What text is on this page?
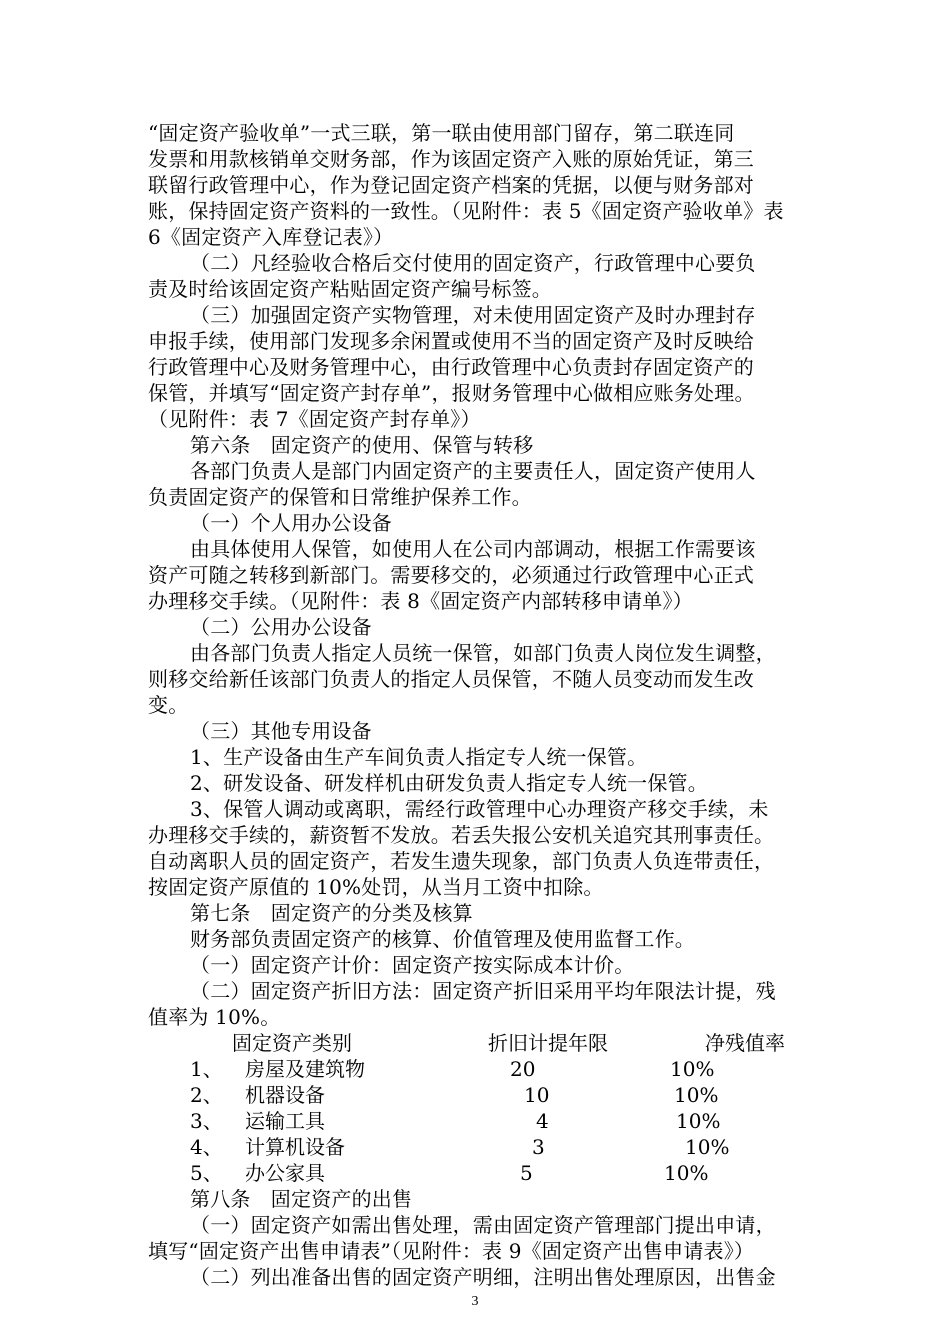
“固定资产验收单”一式三联，第一联由使用部门留存，第二联连同
发票和用款核销单交财务部，作为该固定资产入账的原始凭证，第三
联留行政管理中心，作为登记固定资产档案的凭据，以便与财务部对
账，保持固定资产资料的一致性。（见附件：表 5《固定资产验收单》表
6《固定资产入库登记表》）
（二）凡经验收合格后交付使用的固定资产，行政管理中心要负
责及时给该固定资产粘贴固定资产编号标签。
（三）加强固定资产实物管理，对未使用固定资产及时办理封存
申报手续，使用部门发现多余闲置或使用不当的固定资产及时反映给
行政管理中心及财务管理中心，由行政管理中心负责封存固定资产的
保管，并填写“固定资产封存单”，报财务管理中心做相应账务处理。
（见附件：表 7《固定资产封存单》）
第六条　固定资产的使用、保管与转移
各部门负责人是部门内固定资产的主要责任人，固定资产使用人
负责固定资产的保管和日常维护保养工作。
（一）个人用办公设备
由具体使用人保管，如使用人在公司内部调动，根据工作需要该
资产可随之转移到新部门。需要移交的，必须通过行政管理中心正式
办理移交手续。（见附件：表 8《固定资产内部转移申请单》）
（二）公用办公设备
由各部门负责人指定人员统一保管，如部门负责人岗位发生调整，
则移交给新任该部门负责人的指定人员保管，不随人员变动而发生改
变。
（三）其他专用设备
1、生产设备由生产车间负责人指定专人统一保管。
2、研发设备、研发样机由研发负责人指定专人统一保管。
3、保管人调动或离职，需经行政管理中心办理资产移交手续，未
办理移交手续的，薪资暂不发放。若丢失报公安机关追究其刑事责任。
自动离职人员的固定资产，若发生遗失现象，部门负责人负连带责任，
按固定资产原值的 10%处罚，从当月工资中扣除。
第七条　固定资产的分类及核算
财务部负责固定资产的核算、价值管理及使用监督工作。
（一）固定资产计价：固定资产按实际成本计价。
（二）固定资产折旧方法：固定资产折旧采用平均年限法计提，残
值率为 10%。
固定资产类别	折旧计提年限	净残值率
1、 房屋及建筑物	20	10%
2、 机器设备	10	10%
3、 运输工具	4	10%
4、 计算机设备	3	10%
5、 办公家具	5	10%
第八条　固定资产的出售
（一）固定资产如需出售处理，需由固定资产管理部门提出申请，
填写“固定资产出售申请表”（见附件：表 9《固定资产出售申请表》）
（二）列出准备出售的固定资产明细，注明出售处理原因，出售金
3
